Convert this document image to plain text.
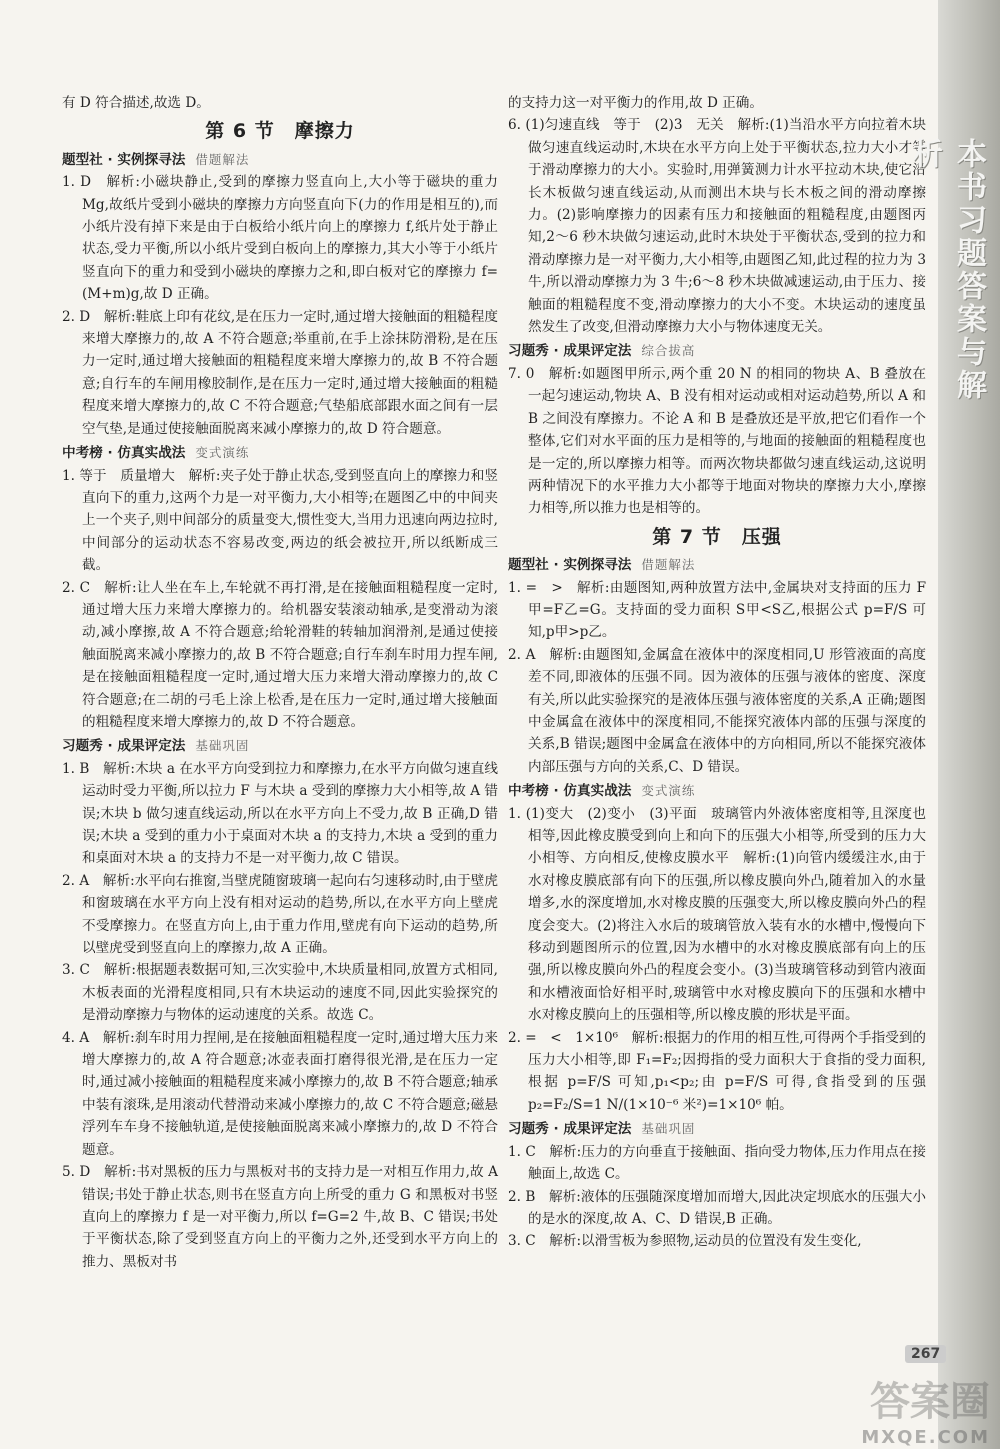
有 D 符合描述,故选 D。

第 6 节　摩擦力
题型社 · 实例探寻法 借题解法

1. D　解析:小磁块静止,受到的摩擦力竖直向上,大小等于磁块的重力 Mg,故纸片受到小磁块的摩擦力方向竖直向下(力的作用是相互的),而小纸片没有掉下来是由于白板给小纸片向上的摩擦力 f,纸片处于静止状态,受力平衡,所以小纸片受到白板向上的摩擦力,其大小等于小纸片竖直向下的重力和受到小磁块的摩擦力之和,即白板对它的摩擦力 f=(M+m)g,故 D 正确。

2. D　解析:鞋底上印有花纹,是在压力一定时,通过增大接触面的粗糙程度来增大摩擦力的,故 A 不符合题意;举重前,在手上涂抹防滑粉,是在压力一定时,通过增大接触面的粗糙程度来增大摩擦力的,故 B 不符合题意;自行车的车闸用橡胶制作,是在压力一定时,通过增大接触面的粗糙程度来增大摩擦力的,故 C 不符合题意;气垫船底部跟水面之间有一层空气垫,是通过使接触面脱离来减小摩擦力的,故 D 符合题意。

中考榜 · 仿真实战法 变式演练

1. 等于　质量增大　解析:夹子处于静止状态,受到竖直向上的摩擦力和竖直向下的重力,这两个力是一对平衡力,大小相等;在题图乙中的中间夹上一个夹子,则中间部分的质量变大,惯性变大,当用力迅速向两边拉时,中间部分的运动状态不容易改变,两边的纸会被拉开,所以纸断成三截。

2. C　解析:让人坐在车上,车轮就不再打滑,是在接触面粗糙程度一定时,通过增大压力来增大摩擦力的。给机器安装滚动轴承,是变滑动为滚动,减小摩擦,故 A 不符合题意;给轮滑鞋的转轴加润滑剂,是通过使接触面脱离来减小摩擦力的,故 B 不符合题意;自行车刹车时用力捏车闸,是在接触面粗糙程度一定时,通过增大压力来增大滑动摩擦力的,故 C 符合题意;在二胡的弓毛上涂上松香,是在压力一定时,通过增大接触面的粗糙程度来增大摩擦力的,故 D 不符合题意。

习题秀 · 成果评定法 基础巩固

1. B　解析:木块 a 在水平方向受到拉力和摩擦力,在水平方向做匀速直线运动时受力平衡,所以拉力 F 与木块 a 受到的摩擦力大小相等,故 A 错误;木块 b 做匀速直线运动,所以在水平方向上不受力,故 B 正确,D 错误;木块 a 受到的重力小于桌面对木块 a 的支持力,木块 a 受到的重力和桌面对木块 a 的支持力不是一对平衡力,故 C 错误。

2. A　解析:水平向右推窗,当壁虎随窗玻璃一起向右匀速移动时,由于壁虎和窗玻璃在水平方向上没有相对运动的趋势,所以,在水平方向上壁虎不受摩擦力。在竖直方向上,由于重力作用,壁虎有向下运动的趋势,所以壁虎受到竖直向上的摩擦力,故 A 正确。

3. C　解析:根据题表数据可知,三次实验中,木块质量相同,放置方式相同,木板表面的光滑程度相同,只有木块运动的速度不同,因此实验探究的是滑动摩擦力与物体的运动速度的关系。故选 C。

4. A　解析:刹车时用力捏闸,是在接触面粗糙程度一定时,通过增大压力来增大摩擦力的,故 A 符合题意;冰壶表面打磨得很光滑,是在压力一定时,通过减小接触面的粗糙程度来减小摩擦力的,故 B 不符合题意;轴承中装有滚珠,是用滚动代替滑动来减小摩擦力的,故 C 不符合题意;磁悬浮列车车身不接触轨道,是使接触面脱离来减小摩擦力的,故 D 不符合题意。

5. D　解析:书对黑板的压力与黑板对书的支持力是一对相互作用力,故 A 错误;书处于静止状态,则书在竖直方向上所受的重力 G 和黑板对书竖直向上的摩擦力 f 是一对平衡力,所以 f=G=2 牛,故 B、C 错误;书处于平衡状态,除了受到竖直方向上的平衡力之外,还受到水平方向上的推力、黑板对书

的支持力这一对平衡力的作用,故 D 正确。

6. (1)匀速直线　等于　(2)3　无关　解析:(1)当沿水平方向拉着木块做匀速直线运动时,木块在水平方向上处于平衡状态,拉力大小才等于滑动摩擦力的大小。实验时,用弹簧测力计水平拉动木块,使它沿长木板做匀速直线运动,从而测出木块与长木板之间的滑动摩擦力。(2)影响摩擦力的因素有压力和接触面的粗糙程度,由题图丙知,2～6 秒木块做匀速运动,此时木块处于平衡状态,受到的拉力和滑动摩擦力是一对平衡力,大小相等,由题图乙知,此过程的拉力为 3 牛,所以滑动摩擦力为 3 牛;6～8 秒木块做减速运动,由于压力、接触面的粗糙程度不变,滑动摩擦力的大小不变。木块运动的速度虽然发生了改变,但滑动摩擦力大小与物体速度无关。

习题秀 · 成果评定法 综合拔高

7. 0　解析:如题图甲所示,两个重 20 N 的相同的物块 A、B 叠放在一起匀速运动,物块 A、B 没有相对运动或相对运动趋势,所以 A 和 B 之间没有摩擦力。不论 A 和 B 是叠放还是平放,把它们看作一个整体,它们对水平面的压力是相等的,与地面的接触面的粗糙程度也是一定的,所以摩擦力相等。而两次物块都做匀速直线运动,这说明两种情况下的水平推力大小都等于地面对物块的摩擦力大小,摩擦力相等,所以推力也是相等的。

第 7 节　压强
题型社 · 实例探寻法 借题解法

1. =　>　解析:由题图知,两种放置方法中,金属块对支持面的压力 F甲=F乙=G。支持面的受力面积 S甲<S乙,根据公式 p=F/S 可知,p甲>p乙。

2. A　解析:由题图知,金属盒在液体中的深度相同,U 形管液面的高度差不同,即液体的压强不同。因为液体的压强与液体的密度、深度有关,所以此实验探究的是液体压强与液体密度的关系,A 正确;题图中金属盒在液体中的深度相同,不能探究液体内部的压强与深度的关系,B 错误;题图中金属盒在液体中的方向相同,所以不能探究液体内部压强与方向的关系,C、D 错误。

中考榜 · 仿真实战法 变式演练

1. (1)变大　(2)变小　(3)平面　玻璃管内外液体密度相等,且深度也相等,因此橡皮膜受到向上和向下的压强大小相等,所受到的压力大小相等、方向相反,使橡皮膜水平　解析:(1)向管内缓缓注水,由于水对橡皮膜底部有向下的压强,所以橡皮膜向外凸,随着加入的水量增多,水的深度增加,水对橡皮膜的压强变大,所以橡皮膜向外凸的程度会变大。(2)将注入水后的玻璃管放入装有水的水槽中,慢慢向下移动到题图所示的位置,因为水槽中的水对橡皮膜底部有向上的压强,所以橡皮膜向外凸的程度会变小。(3)当玻璃管移动到管内液面和水槽液面恰好相平时,玻璃管中水对橡皮膜向下的压强和水槽中水对橡皮膜向上的压强相等,所以橡皮膜的形状是平面。

2. =　<　1×10⁶　解析:根据力的作用的相互性,可得两个手指受到的压力大小相等,即 F₁=F₂;因拇指的受力面积大于食指的受力面积,根据 p=F/S 可知,p₁<p₂;由 p=F/S 可得,食指受到的压强 p₂=F₂/S=1 N/(1×10⁻⁶ 米²)=1×10⁶ 帕。

习题秀 · 成果评定法 基础巩固

1. C　解析:压力的方向垂直于接触面、指向受力物体,压力作用点在接触面上,故选 C。

2. B　解析:液体的压强随深度增加而增大,因此决定坝底水的压强大小的是水的深度,故 A、C、D 错误,B 正确。

3. C　解析:以滑雪板为参照物,运动员的位置没有发生变化,

本书习题答案与解析
267
答案圈
MXQE.COM
